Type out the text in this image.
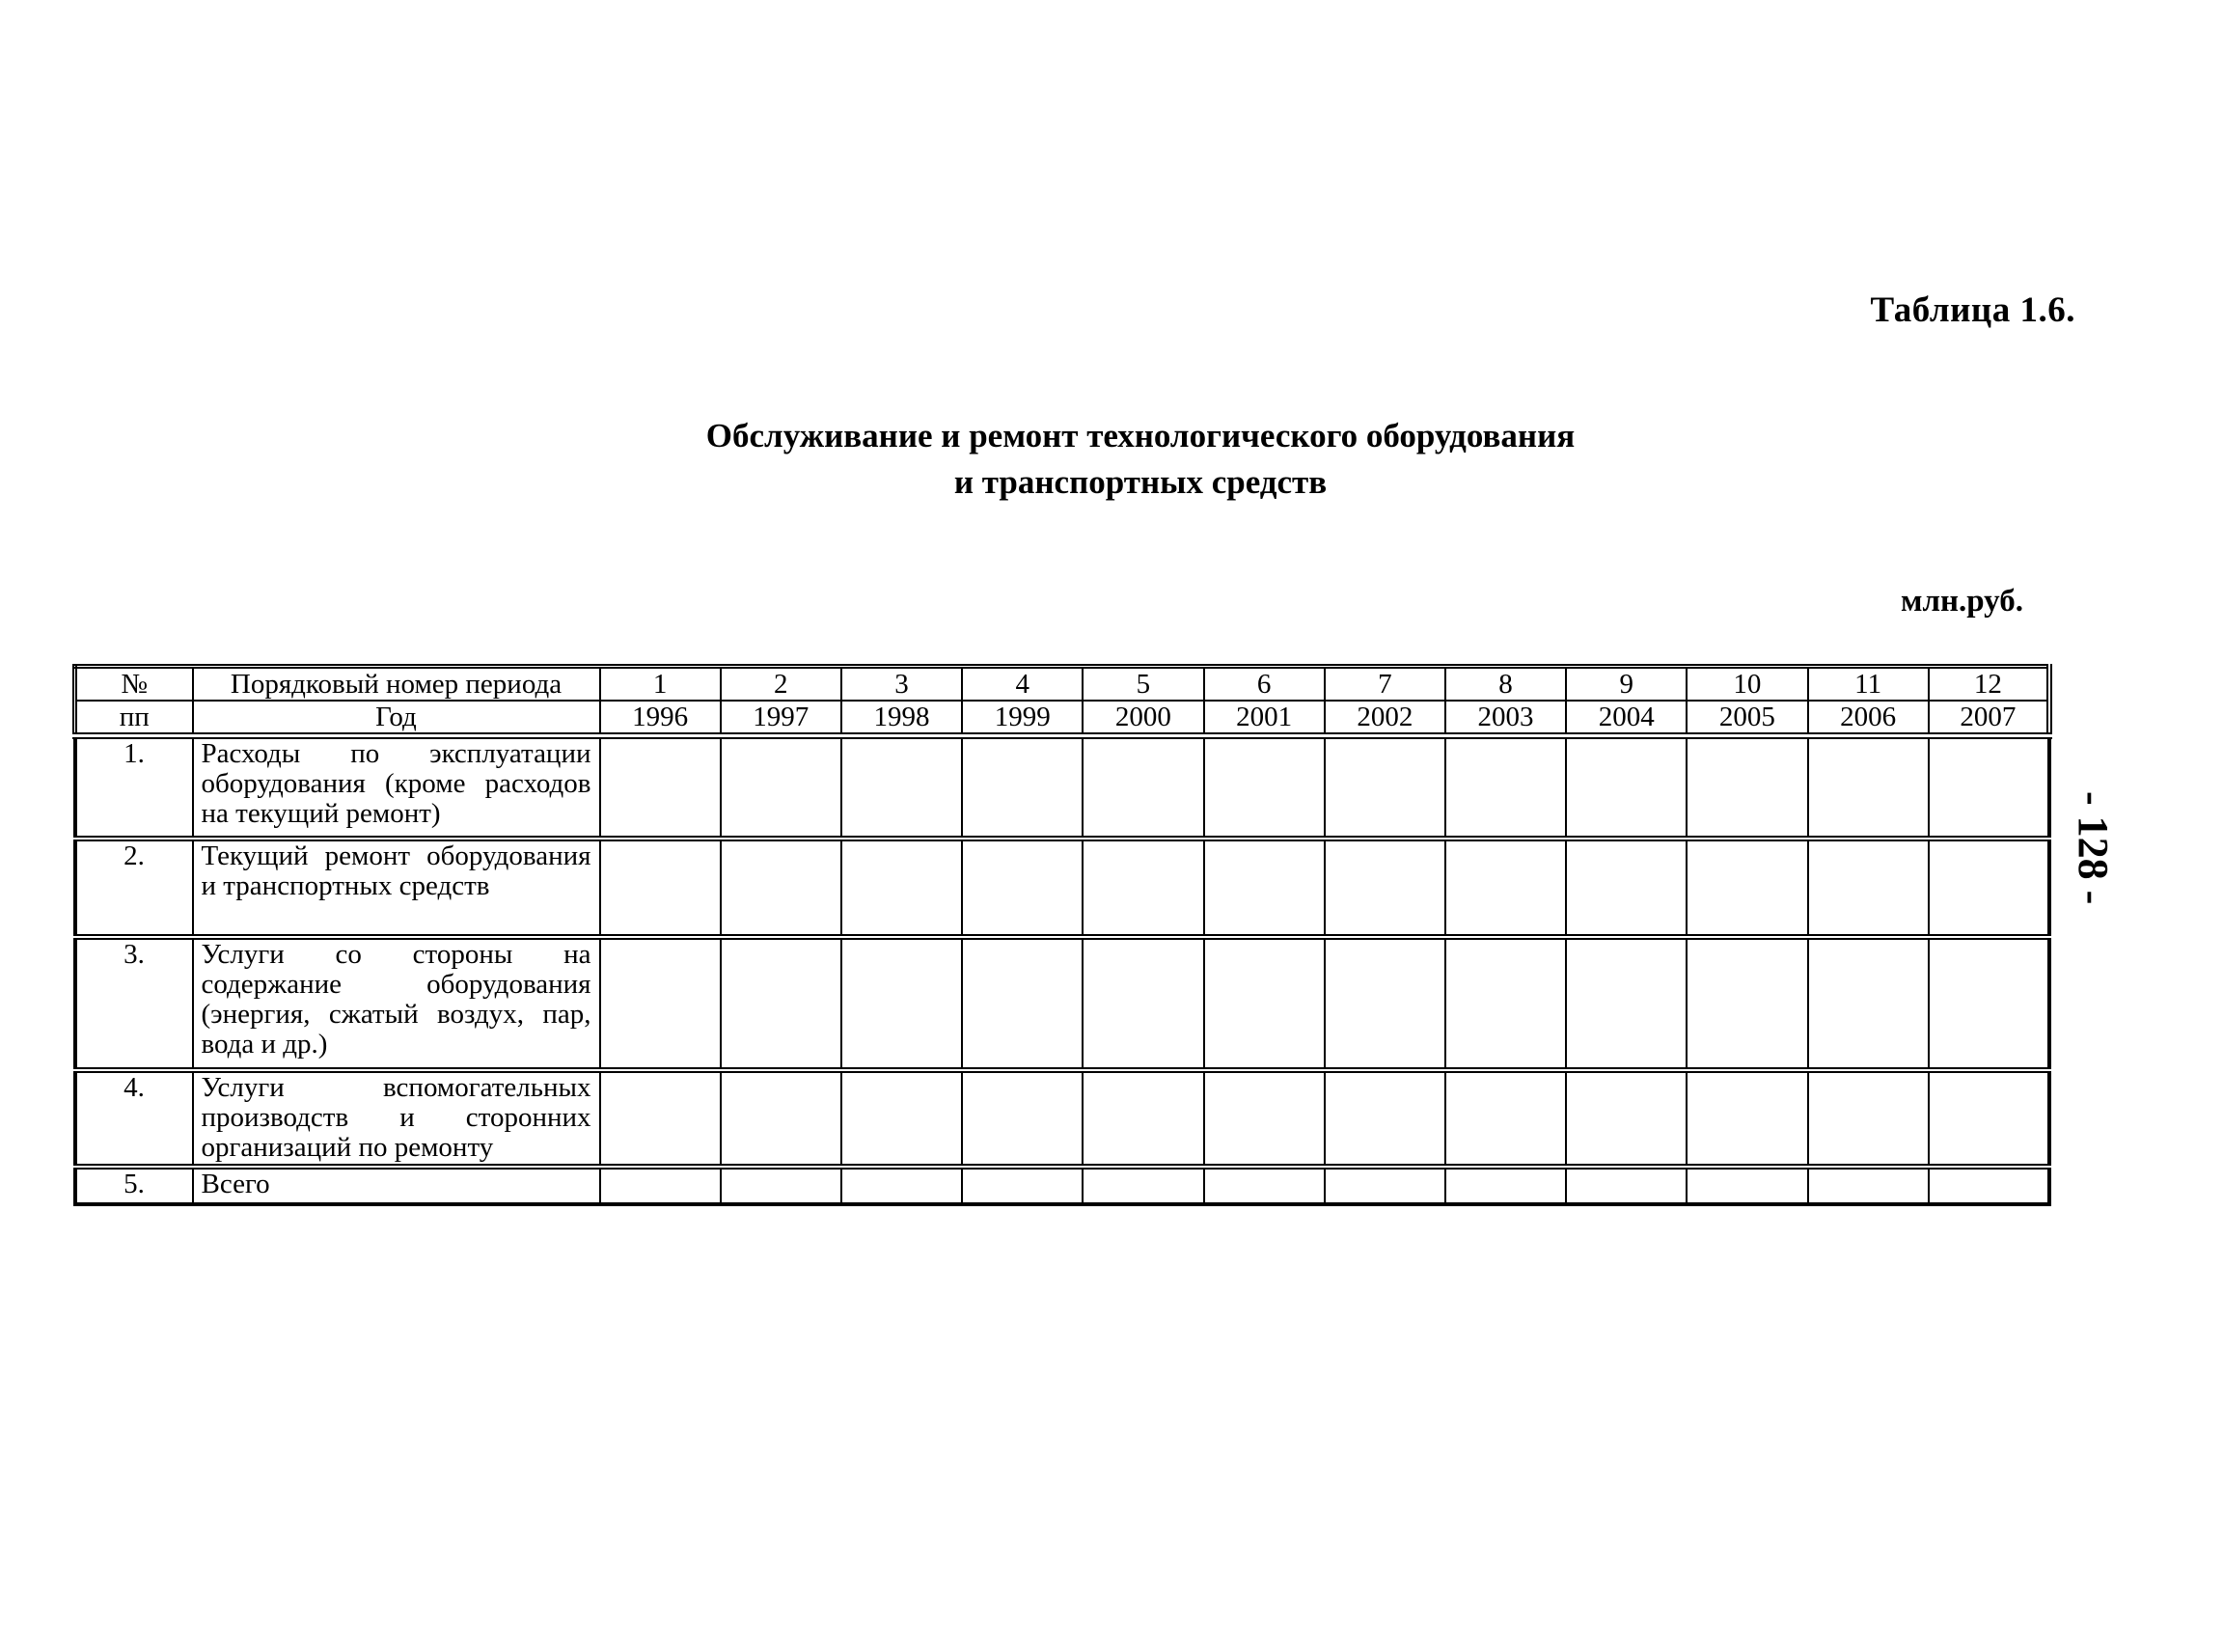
Таблица 1.6.
Обслуживание и ремонт технологического оборудования
и транспортных средств
млн.руб.
- 128 -
№	Порядковый номер периода	1	2	3	4	5	6	7	8	9	10	11	12
пп	Год	1996	1997	1998	1999	2000	2001	2002	2003	2004	2005	2006	2007
1.	Расходы по эксплуатации оборудования (кроме расходов на текущий ремонт)												
2.	Текущий ремонт оборудования и транспортных средств												
3.	Услуги со стороны на содержание оборудования (энергия, сжатый воздух, пар, вода и др.)												
4.	Услуги вспомогательных производств и сторонних организаций по ремонту												
5.	Всего												
